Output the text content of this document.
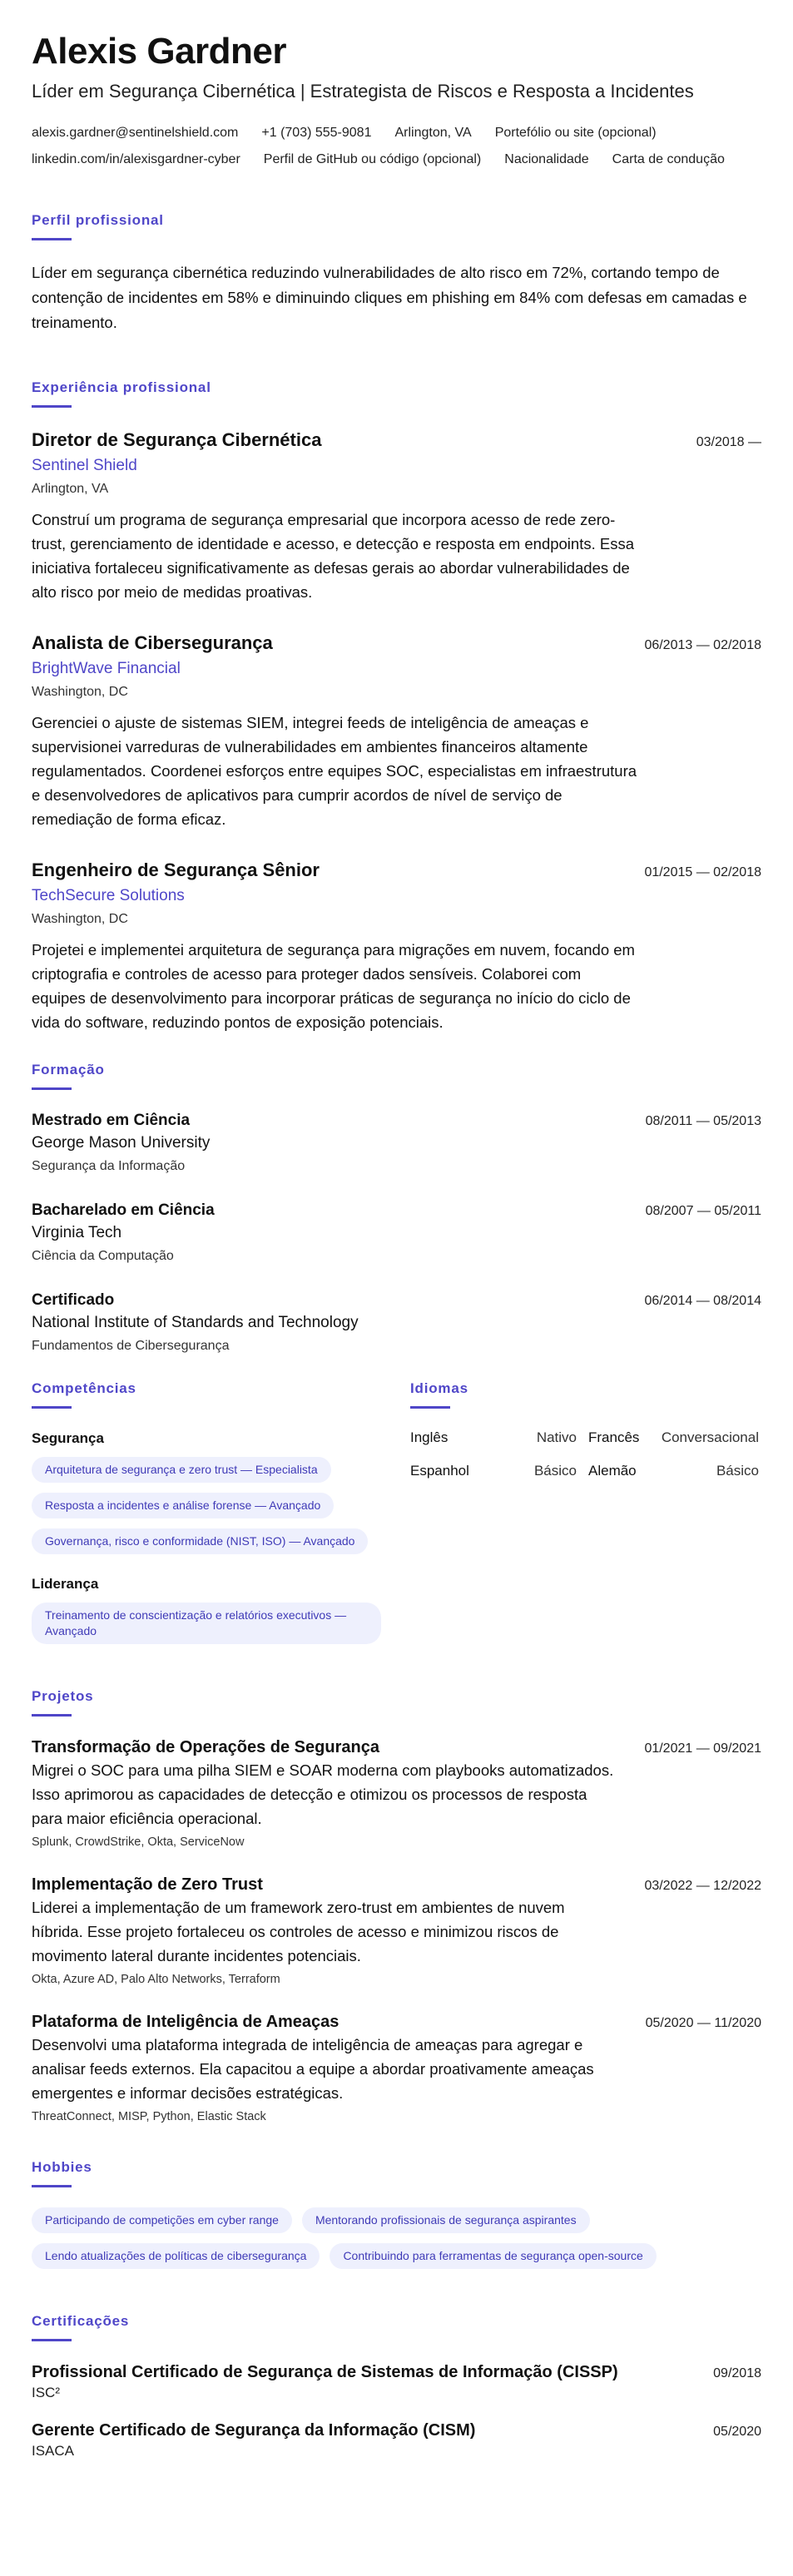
Alexis Gardner
Líder em Segurança Cibernética | Estrategista de Riscos e Resposta a Incidentes
alexis.gardner@sentinelshield.com +1 (703) 555-9081 Arlington, VA Portefólio ou site (opcional)
linkedin.com/in/alexisgardner-cyber Perfil de GitHub ou código (opcional) Nacionalidade Carta de condução
Perfil profissional
Líder em segurança cibernética reduzindo vulnerabilidades de alto risco em 72%, cortando tempo de contenção de incidentes em 58% e diminuindo cliques em phishing em 84% com defesas em camadas e treinamento.
Experiência profissional
Diretor de Segurança Cibernética	03/2018 —
Sentinel Shield
Arlington, VA
Construí um programa de segurança empresarial que incorpora acesso de rede zero-trust, gerenciamento de identidade e acesso, e detecção e resposta em endpoints. Essa iniciativa fortaleceu significativamente as defesas gerais ao abordar vulnerabilidades de alto risco por meio de medidas proativas.
Analista de Cibersegurança	06/2013 — 02/2018
BrightWave Financial
Washington, DC
Gerenciei o ajuste de sistemas SIEM, integrei feeds de inteligência de ameaças e supervisionei varreduras de vulnerabilidades em ambientes financeiros altamente regulamentados. Coordenei esforços entre equipes SOC, especialistas em infraestrutura e desenvolvedores de aplicativos para cumprir acordos de nível de serviço de remediação de forma eficaz.
Engenheiro de Segurança Sênior	01/2015 — 02/2018
TechSecure Solutions
Washington, DC
Projetei e implementei arquitetura de segurança para migrações em nuvem, focando em criptografia e controles de acesso para proteger dados sensíveis. Colaborei com equipes de desenvolvimento para incorporar práticas de segurança no início do ciclo de vida do software, reduzindo pontos de exposição potenciais.
Formação
Mestrado em Ciência	08/2011 — 05/2013
George Mason University
Segurança da Informação
Bacharelado em Ciência	08/2007 — 05/2011
Virginia Tech
Ciência da Computação
Certificado	06/2014 — 08/2014
National Institute of Standards and Technology
Fundamentos de Cibersegurança
Competências
Segurança
Arquitetura de segurança e zero trust — Especialista
Resposta a incidentes e análise forense — Avançado
Governança, risco e conformidade (NIST, ISO) — Avançado
Liderança
Treinamento de conscientização e relatórios executivos — Avançado
Idiomas
Inglês	Nativo Francês	Conversacional
Espanhol	Básico Alemão	Básico
Projetos
Transformação de Operações de Segurança	01/2021 — 09/2021
Migrei o SOC para uma pilha SIEM e SOAR moderna com playbooks automatizados. Isso aprimorou as capacidades de detecção e otimizou os processos de resposta para maior eficiência operacional.
Splunk, CrowdStrike, Okta, ServiceNow
Implementação de Zero Trust	03/2022 — 12/2022
Liderei a implementação de um framework zero-trust em ambientes de nuvem híbrida. Esse projeto fortaleceu os controles de acesso e minimizou riscos de movimento lateral durante incidentes potenciais.
Okta, Azure AD, Palo Alto Networks, Terraform
Plataforma de Inteligência de Ameaças	05/2020 — 11/2020
Desenvolvi uma plataforma integrada de inteligência de ameaças para agregar e analisar feeds externos. Ela capacitou a equipe a abordar proativamente ameaças emergentes e informar decisões estratégicas.
ThreatConnect, MISP, Python, Elastic Stack
Hobbies
Participando de competições em cyber range	Mentorando profissionais de segurança aspirantes
Lendo atualizações de políticas de cibersegurança	Contribuindo para ferramentas de segurança open-source
Certificações
Profissional Certificado de Segurança de Sistemas de Informação (CISSP)	09/2018
ISC²
Gerente Certificado de Segurança da Informação (CISM)	05/2020
ISACA
